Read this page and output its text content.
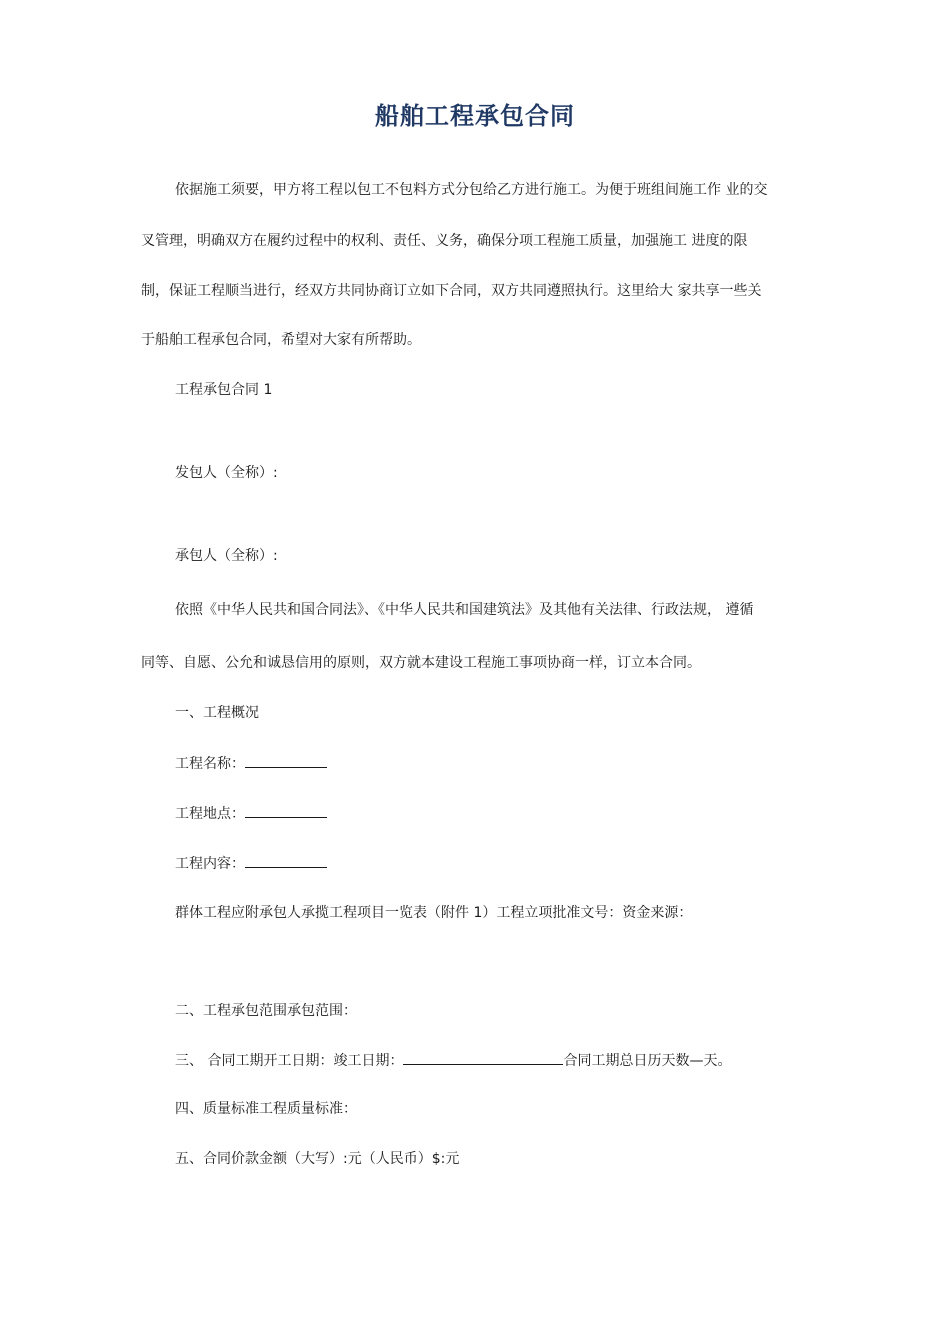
船舶工程承包合同
依据施工须要，甲方将工程以包工不包料方式分包给乙方进行施工。为便于班组间施工作 业的交
叉管理，明确双方在履约过程中的权利、责任、义务，确保分项工程施工质量，加强施工 进度的限
制，保证工程顺当进行，经双方共同协商订立如下合同，双方共同遵照执行。这里给大 家共享一些关
于船舶工程承包合同，希望对大家有所帮助。
工程承包合同 1
发包人（全称）:
承包人（全称）:
依照《中华人民共和国合同法》、《中华人民共和国建筑法》及其他有关法律、行政法规， 遵循
同等、自愿、公允和诚恳信用的原则，双方就本建设工程施工事项协商一样，订立本合同。
一、工程概况
工程名称：
工程地点：
工程内容：
群体工程应附承包人承揽工程项目一览表（附件 1）工程立项批准文号：资金来源：
二、工程承包范围承包范围：
三、 合同工期开工日期：竣工日期：	合同工期总日历天数—天。
四、质量标准工程质量标准：
五、合同价款金额（大写）:元（人民币）$:元
